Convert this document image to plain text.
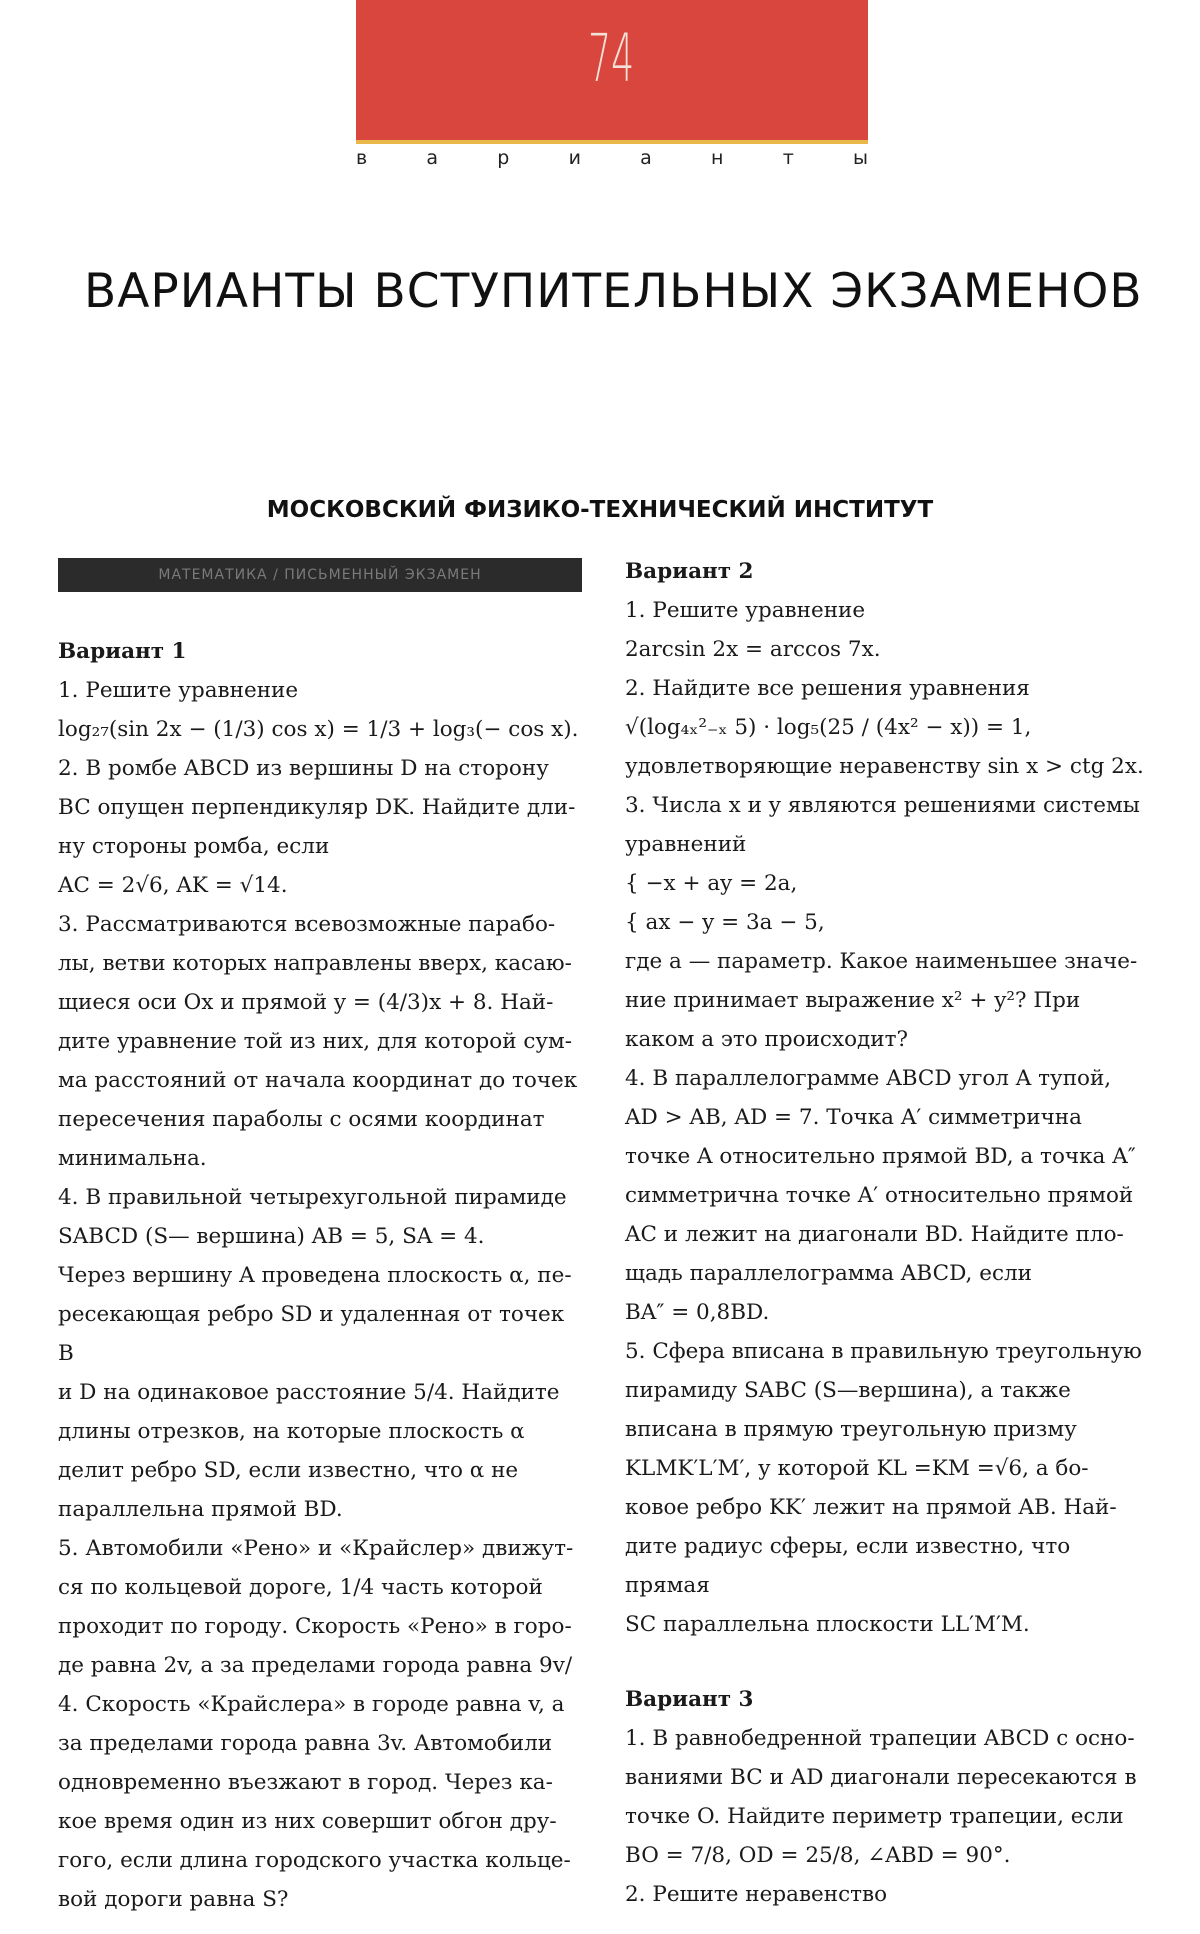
74
в	а	р	и	а	н	т	ы
ВАРИАНТЫ ВСТУПИТЕЛЬНЫХ ЭКЗАМЕНОВ
МОСКОВСКИЙ ФИЗИКО-ТЕХНИЧЕСКИЙ ИНСТИТУТ
МАТЕМАТИКА / ПИСЬМЕННЫЙ ЭКЗАМЕН
Вариант 1
1. Решите уравнение
log₂₇(sin 2x − (1/3) cos x) = 1/3 + log₃(− cos x).
2. В ромбе ABCD из вершины D на сторону
BC опущен перпендикуляр DK. Найдите дли-
ну стороны ромба, если
AC = 2√6, AK = √14.
3. Рассматриваются всевозможные парабо-
лы, ветви которых направлены вверх, касаю-
щиеся оси Ox и прямой y = (4/3)x + 8. Най-
дите уравнение той из них, для которой сум-
ма расстояний от начала координат до точек
пересечения параболы с осями координат
минимальна.
4. В правильной четырехугольной пирамиде
SABCD (S— вершина) AB = 5, SA = 4.
Через вершину A проведена плоскость α, пе-
ресекающая ребро SD и удаленная от точек B
и D на одинаковое расстояние 5/4. Найдите
длины отрезков, на которые плоскость α
делит ребро SD, если известно, что α не
параллельна прямой BD.
5. Автомобили «Рено» и «Крайслер» движут-
ся по кольцевой дороге, 1/4 часть которой
проходит по городу. Скорость «Рено» в горо-
де равна 2v, а за пределами города равна 9v/
4. Скорость «Крайслера» в городе равна v, а
за пределами города равна 3v. Автомобили
одновременно въезжают в город. Через ка-
кое время один из них совершит обгон дру-
гого, если длина городского участка кольце-
вой дороги равна S?
Вариант 2
1. Решите уравнение
2arcsin 2x = arccos 7x.
2. Найдите все решения уравнения
√(log₄ₓ²₋ₓ 5) · log₅(25 / (4x² − x)) = 1,
удовлетворяющие неравенству sin x > ctg 2x.
3. Числа x и y являются решениями системы
уравнений
{ −x + ay = 2a,
{ ax − y = 3a − 5,
где a — параметр. Какое наименьшее значе-
ние принимает выражение x² + y²? При
каком a это происходит?
4. В параллелограмме ABCD угол A тупой,
AD > AB, AD = 7. Точка A′ симметрична
точке A относительно прямой BD, а точка A″
симметрична точке A′ относительно прямой
AC и лежит на диагонали BD. Найдите пло-
щадь параллелограмма ABCD, если
BA″ = 0,8BD.
5. Сфера вписана в правильную треугольную
пирамиду SABC (S—вершина), а также
вписана в прямую треугольную призму
KLMK′L′M′, у которой KL =KM =√6, а бо-
ковое ребро KK′ лежит на прямой AB. Най-
дите радиус сферы, если известно, что прямая
SC параллельна плоскости LL′M′M.
Вариант 3
1. В равнобедренной трапеции ABCD с осно-
ваниями BC и AD диагонали пересекаются в
точке O. Найдите периметр трапеции, если
BO = 7/8, OD = 25/8, ∠ABD = 90°.
2. Решите неравенство
